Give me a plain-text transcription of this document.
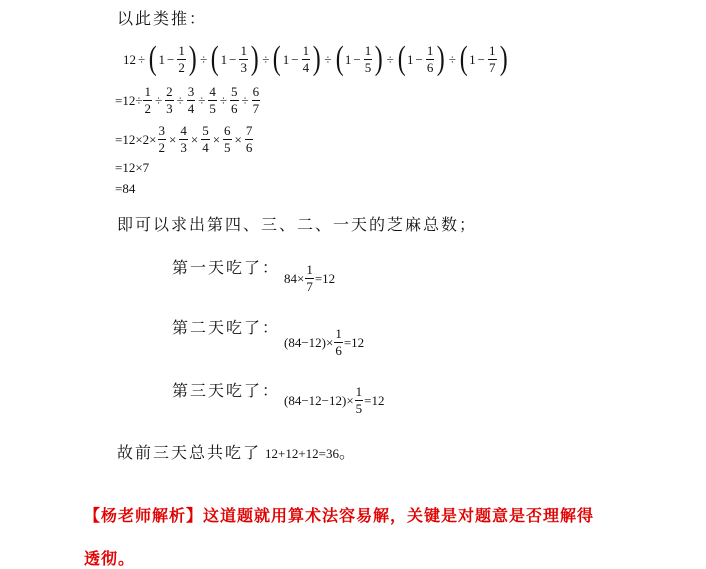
以此类推：
12 ÷ ( $1 - \frac{1}{2}$ ) ÷ ( $1 - \frac{1}{3}$ ) ÷ ( $1 - \frac{1}{4}$ ) ÷ ( $1 - \frac{1}{5}$ ) ÷ ( $1 - \frac{1}{6}$ ) ÷ ( $1 - \frac{1}{7}$ )
$=12\div \frac{1}{2} \div \frac{2}{3} \div \frac{3}{4} \div \frac{4}{5} \div \frac{5}{6} \div \frac{6}{7}$
$=12\times 2\times \frac{3}{2} \times \frac{4}{3} \times \frac{5}{4} \times \frac{6}{5} \times \frac{7}{6}$
=12×7
=84
即可以求出第四、三、二、一天的芝麻总数；
第一天吃了：
$84\times \frac{1}{7} =12$
第二天吃了：
$(84-12)\times \frac{1}{6} =12$
第三天吃了：
$(84-12-12)\times \frac{1}{5} =12$
故前三天总共吃了 12+12+12=36 。
【杨老师解析】这道题就用算术法容易解，关键是对题意是否理解得
透彻。
